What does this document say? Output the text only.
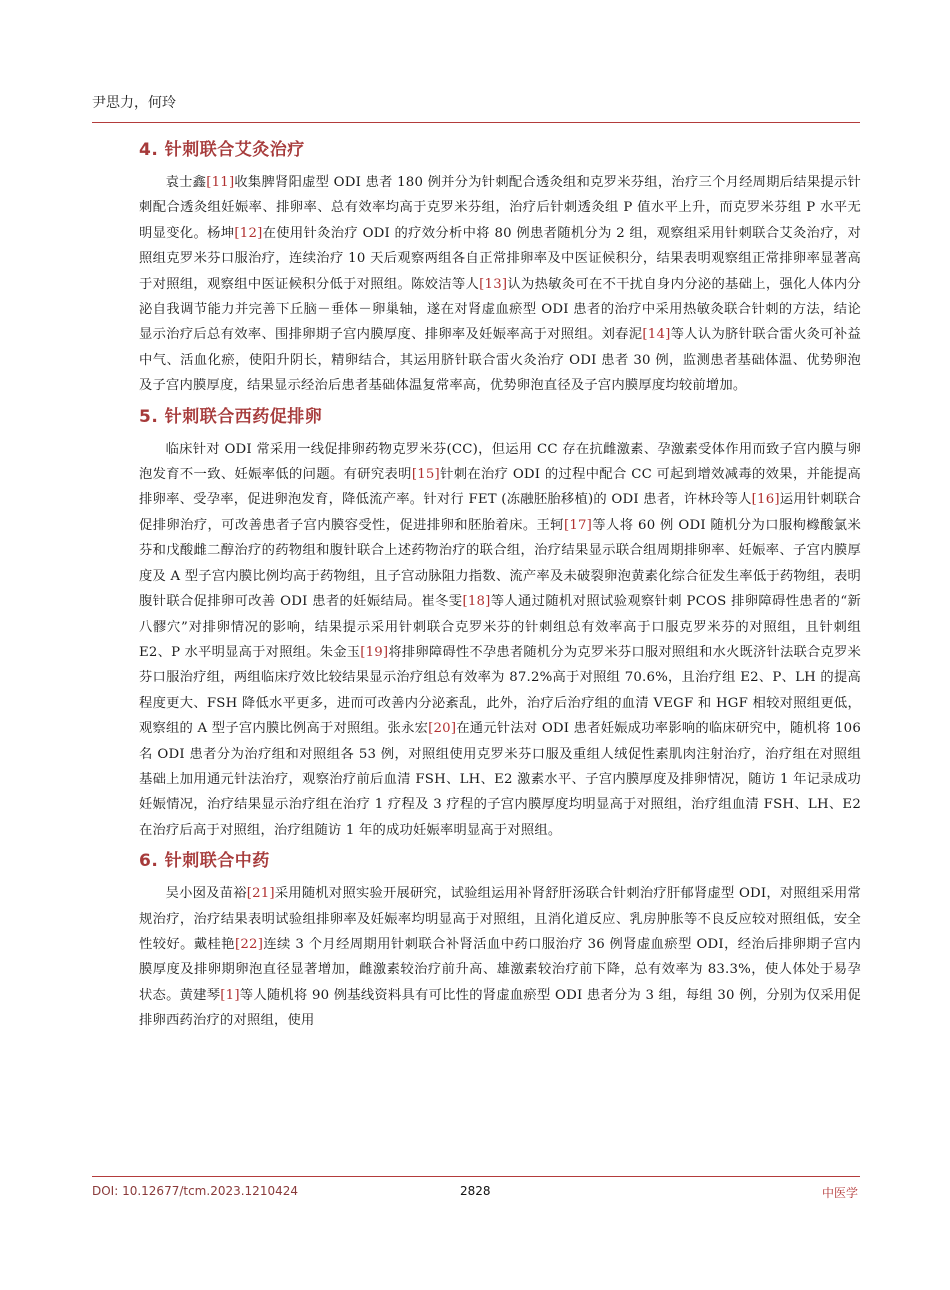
尹思力，何玲
4. 针刺联合艾灸治疗

袁士鑫[11]收集脾肾阳虚型 ODI 患者 180 例并分为针刺配合透灸组和克罗米芬组，治疗三个月经周期后结果提示针刺配合透灸组妊娠率、排卵率、总有效率均高于克罗米芬组，治疗后针刺透灸组 P 值水平上升，而克罗米芬组 P 水平无明显变化。杨坤[12]在使用针灸治疗 ODI 的疗效分析中将 80 例患者随机分为 2 组，观察组采用针刺联合艾灸治疗，对照组克罗米芬口服治疗，连续治疗 10 天后观察两组各自正常排卵率及中医证候积分，结果表明观察组正常排卵率显著高于对照组，观察组中医证候积分低于对照组。陈姣洁等人[13]认为热敏灸可在不干扰自身内分泌的基础上，强化人体内分泌自我调节能力并完善下丘脑－垂体－卵巢轴，遂在对肾虚血瘀型 ODI 患者的治疗中采用热敏灸联合针刺的方法，结论显示治疗后总有效率、围排卵期子宫内膜厚度、排卵率及妊娠率高于对照组。刘春泥[14]等人认为脐针联合雷火灸可补益中气、活血化瘀，使阳升阴长，精卵结合，其运用脐针联合雷火灸治疗 ODI 患者 30 例，监测患者基础体温、优势卵泡及子宫内膜厚度，结果显示经治后患者基础体温复常率高，优势卵泡直径及子宫内膜厚度均较前增加。

5. 针刺联合西药促排卵

临床针对 ODI 常采用一线促排卵药物克罗米芬(CC)，但运用 CC 存在抗雌激素、孕激素受体作用而致子宫内膜与卵泡发育不一致、妊娠率低的问题。有研究表明[15]针刺在治疗 ODI 的过程中配合 CC 可起到增效减毒的效果，并能提高排卵率、受孕率，促进卵泡发育，降低流产率。针对行 FET (冻融胚胎移植)的 ODI 患者，许林玲等人[16]运用针刺联合促排卵治疗，可改善患者子宫内膜容受性，促进排卵和胚胎着床。王轲[17]等人将 60 例 ODI 随机分为口服枸橼酸氯米芬和戊酸雌二醇治疗的药物组和腹针联合上述药物治疗的联合组，治疗结果显示联合组周期排卵率、妊娠率、子宫内膜厚度及 A 型子宫内膜比例均高于药物组，且子宫动脉阻力指数、流产率及未破裂卵泡黄素化综合征发生率低于药物组，表明腹针联合促排卵可改善 ODI 患者的妊娠结局。崔冬雯[18]等人通过随机对照试验观察针刺 PCOS 排卵障碍性患者的“新八髎穴”对排卵情况的影响，结果提示采用针刺联合克罗米芬的针刺组总有效率高于口服克罗米芬的对照组，且针刺组 E2、P 水平明显高于对照组。朱金玉[19]将排卵障碍性不孕患者随机分为克罗米芬口服对照组和水火既济针法联合克罗米芬口服治疗组，两组临床疗效比较结果显示治疗组总有效率为 87.2%高于对照组 70.6%，且治疗组 E2、P、LH 的提高程度更大、FSH 降低水平更多，进而可改善内分泌紊乱，此外，治疗后治疗组的血清 VEGF 和 HGF 相较对照组更低，观察组的 A 型子宫内膜比例高于对照组。张永宏[20]在通元针法对 ODI 患者妊娠成功率影响的临床研究中，随机将 106 名 ODI 患者分为治疗组和对照组各 53 例，对照组使用克罗米芬口服及重组人绒促性素肌肉注射治疗，治疗组在对照组基础上加用通元针法治疗，观察治疗前后血清 FSH、LH、E2 激素水平、子宫内膜厚度及排卵情况，随访 1 年记录成功妊娠情况，治疗结果显示治疗组在治疗 1 疗程及 3 疗程的子宫内膜厚度均明显高于对照组，治疗组血清 FSH、LH、E2 在治疗后高于对照组，治疗组随访 1 年的成功妊娠率明显高于对照组。

6. 针刺联合中药

吴小囡及苗裕[21]采用随机对照实验开展研究，试验组运用补肾舒肝汤联合针刺治疗肝郁肾虚型 ODI，对照组采用常规治疗，治疗结果表明试验组排卵率及妊娠率均明显高于对照组，且消化道反应、乳房肿胀等不良反应较对照组低，安全性较好。戴桂艳[22]连续 3 个月经周期用针刺联合补肾活血中药口服治疗 36 例肾虚血瘀型 ODI，经治后排卵期子宫内膜厚度及排卵期卵泡直径显著增加，雌激素较治疗前升高、雄激素较治疗前下降，总有效率为 83.3%，使人体处于易孕状态。黄建琴[1]等人随机将 90 例基线资料具有可比性的肾虚血瘀型 ODI 患者分为 3 组，每组 30 例，分别为仅采用促排卵西药治疗的对照组，使用

DOI: 10.12677/tcm.2023.1210424	2828	中医学
